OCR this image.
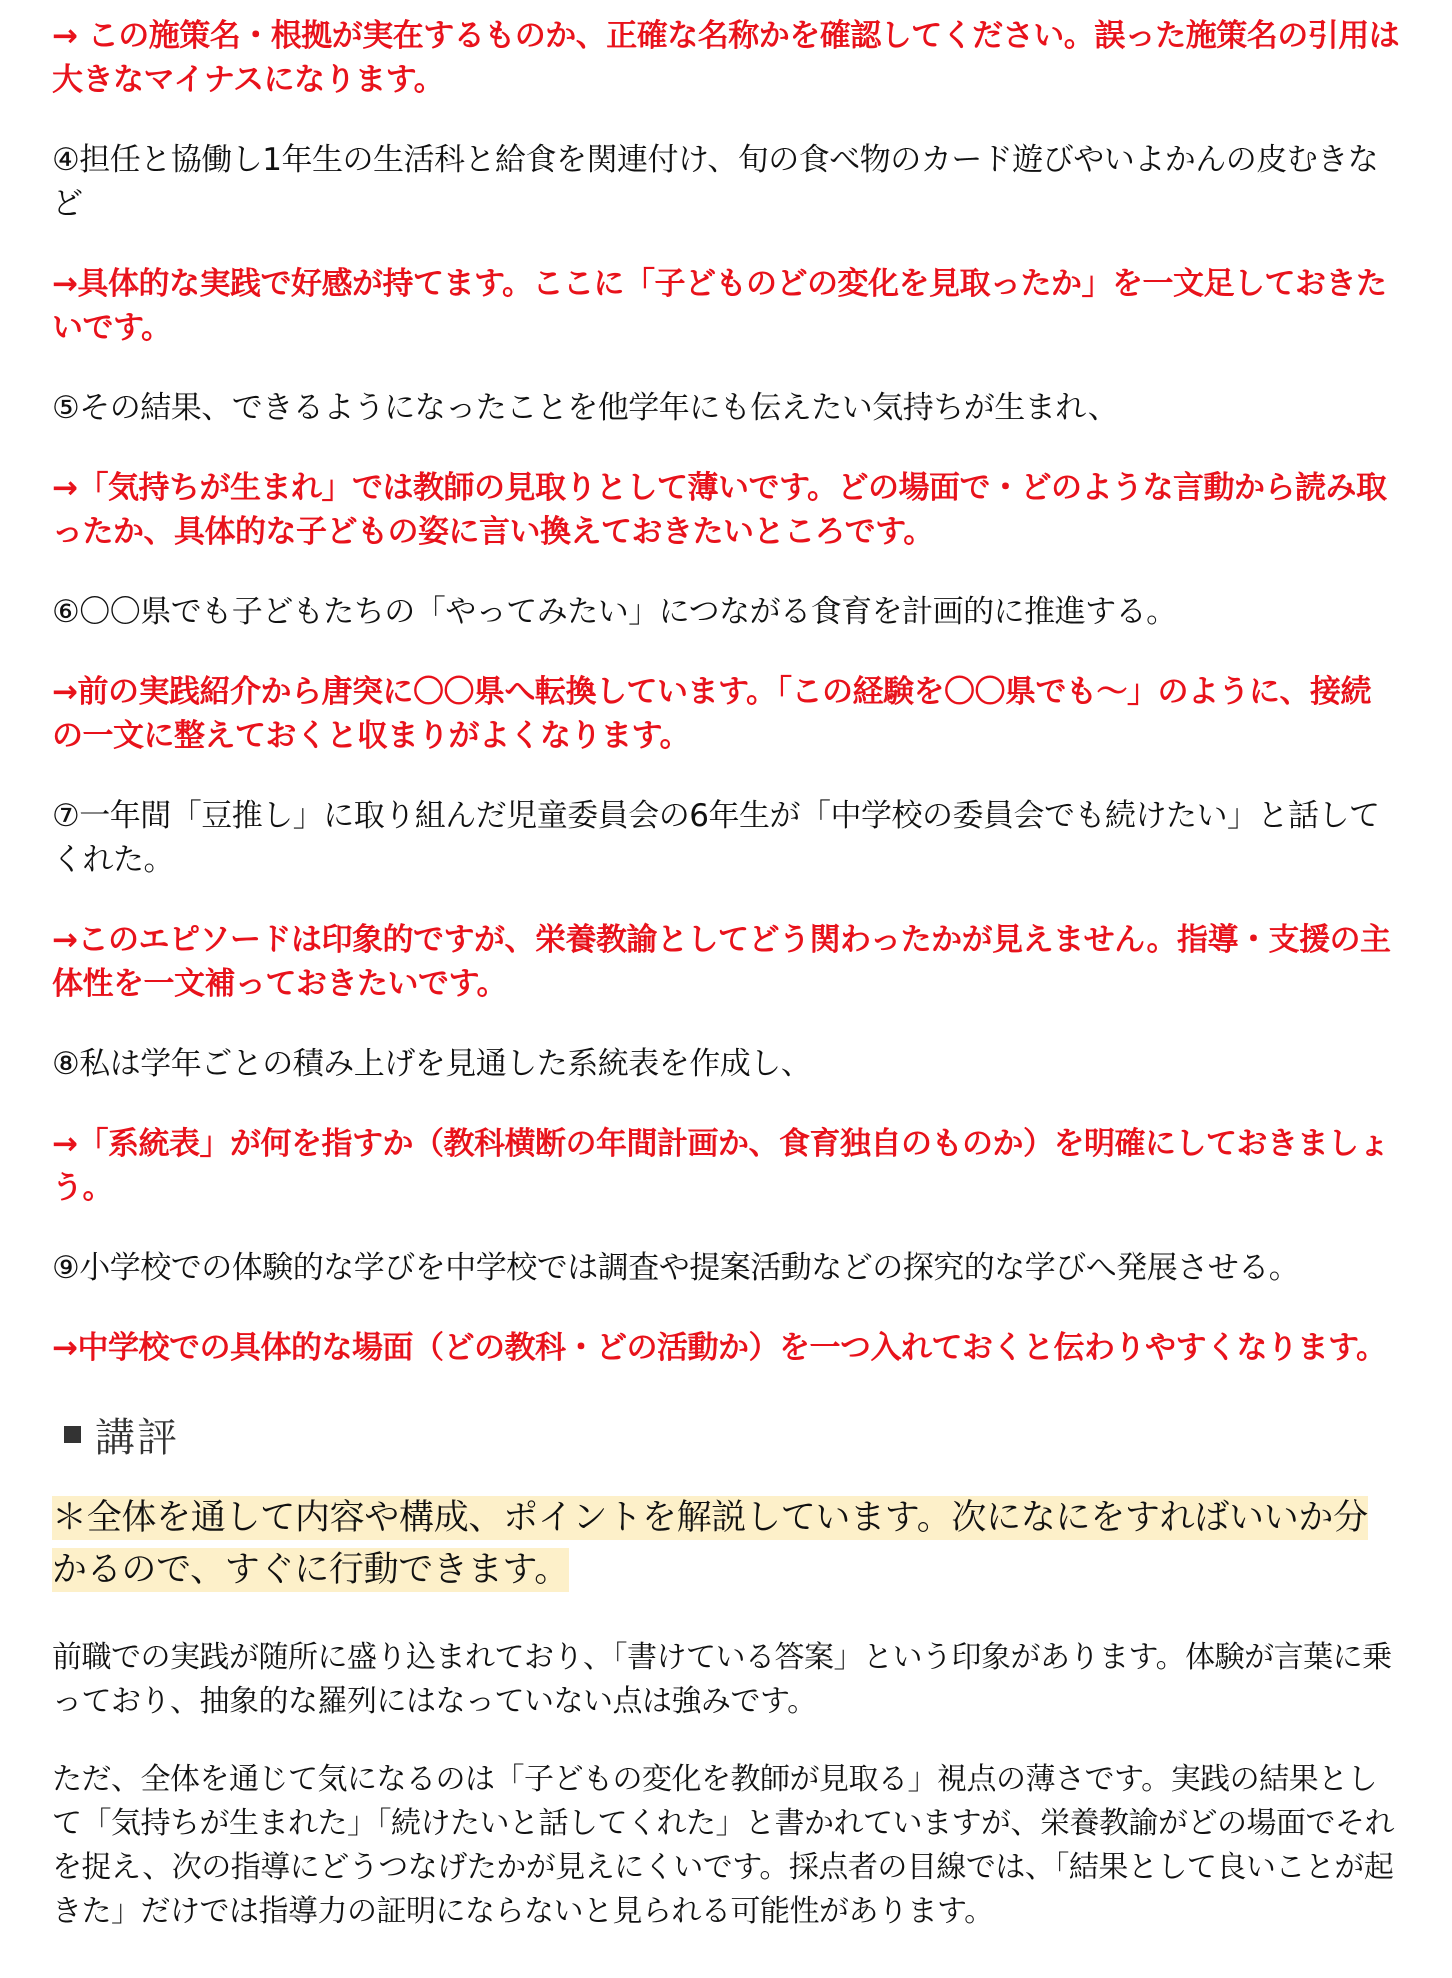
→ この施策名・根拠が実在するものか、正確な名称かを確認してください。誤った施策名の引用は大きなマイナスになります。

④担任と協働し1年生の生活科と給食を関連付け、旬の食べ物のカード遊びやいよかんの皮むきなど

→具体的な実践で好感が持てます。ここに「子どものどの変化を見取ったか」を一文足しておきたいです。

⑤その結果、できるようになったことを他学年にも伝えたい気持ちが生まれ、

→「気持ちが生まれ」では教師の見取りとして薄いです。どの場面で・どのような言動から読み取ったか、具体的な子どもの姿に言い換えておきたいところです。

⑥〇〇県でも子どもたちの「やってみたい」につながる食育を計画的に推進する。

→前の実践紹介から唐突に〇〇県へ転換しています。「この経験を〇〇県でも～」のように、接続の一文に整えておくと収まりがよくなります。

⑦一年間「豆推し」に取り組んだ児童委員会の6年生が「中学校の委員会でも続けたい」と話してくれた。

→このエピソードは印象的ですが、栄養教諭としてどう関わったかが見えません。指導・支援の主体性を一文補っておきたいです。

⑧私は学年ごとの積み上げを見通した系統表を作成し、

→「系統表」が何を指すか（教科横断の年間計画か、食育独自のものか）を明確にしておきましょう。

⑨小学校での体験的な学びを中学校では調査や提案活動などの探究的な学びへ発展させる。

→中学校での具体的な場面（どの教科・どの活動か）を一つ入れておくと伝わりやすくなります。

講評
＊全体を通して内容や構成、ポイントを解説しています。次になにをすればいいか分かるので、すぐに行動できます。

前職での実践が随所に盛り込まれており、「書けている答案」という印象があります。体験が言葉に乗っており、抽象的な羅列にはなっていない点は強みです。

ただ、全体を通じて気になるのは「子どもの変化を教師が見取る」視点の薄さです。実践の結果として「気持ちが生まれた」「続けたいと話してくれた」と書かれていますが、栄養教諭がどの場面でそれを捉え、次の指導にどうつなげたかが見えにくいです。採点者の目線では、「結果として良いことが起きた」だけでは指導力の証明にならないと見られる可能性があります。
